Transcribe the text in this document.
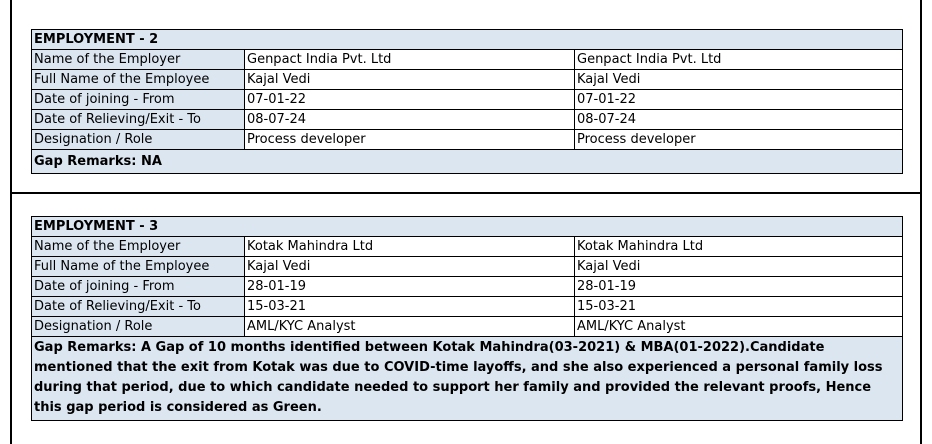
EMPLOYMENT - 2		
Name of the Employer	Genpact India Pvt. Ltd	Genpact India Pvt. Ltd
Full Name of the Employee	Kajal Vedi	Kajal Vedi
Date of joining - From	07-01-22	07-01-22
Date of Relieving/Exit - To	08-07-24	08-07-24
Designation / Role	Process developer	Process developer
Gap Remarks: NA		
EMPLOYMENT - 3		
Name of the Employer	Kotak Mahindra Ltd	Kotak Mahindra Ltd
Full Name of the Employee	Kajal Vedi	Kajal Vedi
Date of joining - From	28-01-19	28-01-19
Date of Relieving/Exit - To	15-03-21	15-03-21
Designation / Role	AML/KYC Analyst	AML/KYC Analyst
Gap Remarks: A Gap of 10 months identified between Kotak Mahindra(03-2021) & MBA(01-2022).Candidate mentioned that the exit from Kotak was due to COVID-time layoffs, and she also experienced a personal family loss during that period, due to which candidate needed to support her family and provided the relevant proofs, Hence this gap period is considered as Green.		
